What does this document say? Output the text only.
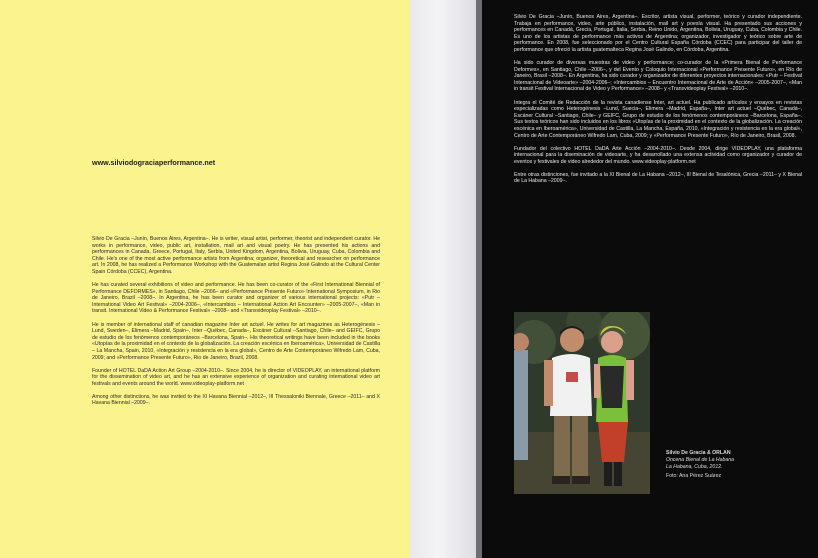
www.silviodograciaperformance.net

Silvio De Gracia –Junín, Buenos Aires, Argentina–. He is writer, visual artist, performer, theorist and independent curator. He works in performance, video, public art, installation, mail art and visual poetry. He has presented his actions and performances in Canada, Greece, Portugal, Italy, Serbia, United Kingdom, Argentina, Bolivia, Uruguay, Cuba, Colombia and Chile. He's one of the most active performance artists from Argentina; organizer, theoretical and researcher on performance art. In 2008, he has realized a Performance Workshop with the Guatemalan artist Regina José Galindo at the Cultural Center Spain Córdoba (CCEC), Argentina.

He has curated several exhibitions of video and performance. He has been co-curator of the «First International Biennial of Performance DEFORMES», in Santiago, Chile –2006– and «Performance Presente Futuro» International Symposium, in Rio de Janeiro, Brazil –2008–. In Argentina, he has been curator and organizer of various international projects: «Putr – International Video Art Festival» –2004-2006–, «Intercambios – International Action Art Encounter» –2005-2007–, «Man in transit. International Video & Performance Festival» –2008– and «Transvideoplay Festival» –2010–.

He is member of international staff of canadian magazine Inter art actuel. He writes for art magazines as Heterogénesis –Lund, Sweden–, Elimera –Madrid, Spain–, Inter –Québec, Canada–, Escáner Cultural –Santiago, Chile– and GEIFC, Grupo de estudio de los fenómenos contemporáneos –Barcelona, Spain–. His theoretical writings have been included in the books «Utopías de la proximidad en el contexto de la globalización. La creación escénica en Iberoamérica», Universidad de Castilla – La Mancha, Spain, 2010, «Integración y resistencia en la era global», Centro de Arte Contemporáneo Wifredo Lam, Cuba, 2009; and «Performance Presente Futuro», Rio de Janeiro, Brazil, 2008.

Founder of HOTEL DaDA Action Art Group –2004-2010–. Since 2004, he is director of VIDEOPLAY, an international platform for the dissemination of video art, and he has an extensive experience of organization and curating international video art festivals and events around the world. www.videoplay-platform.net

Among other distinctions, he was invited to the XI Havana Biennial –2012–, III Thessaloniki Biennale, Greece –2011– and X Havana Biennial –2009–.

Silvio De Gracia –Junín, Buenos Aires, Argentina–. Escritor, artista visual, performer, teórico y curador independiente. Trabaja en performance, video, arte público, instalación, mail art y poesía visual. Ha presentado sus acciones y performances en Canadá, Grecia, Portugal, Italia, Serbia, Reino Unido, Argentina, Bolivia, Uruguay, Cuba, Colombia y Chile. Es uno de los artistas de performance más activos de Argentina; organizador, investigador y teórico sobre arte de performance. En 2008, fue seleccionado por el Centro Cultural España Córdoba (CCEC) para participar del taller de performance que ofreció la artista guatemalteca Regina José Galindo, en Córdoba, Argentina.

Ha sido curador de diversas muestras de video y performance; co-curador de la «Primera Bienal de Performance Deformes», en Santiago, Chile –2006–, y del Evento y Coloquio Internacional «Performance Presente Futuro», en Río de Janeiro, Brasil –2008–. En Argentina, ha sido curador y organizador de diferentes proyectos internacionales: «Putr – Festival Internacional de Videoarte» –2004-2006–; «Intercambios – Encuentro Internacional de Arte de Acción» –2005-2007–, «Man in transit Festival Internacional de Video y Performance» –2008– y «Transvideoplay Festival» –2010–.

Integra el Comité de Redacción de la revista canadiense Inter, art actuel. Ha publicado artículos y ensayos en revistas especializadas como Heterogénesis –Lund, Suecia–, Elimera –Madrid, España–, Inter art actuel –Québec, Canadá–, Escáner Cultural –Santiago, Chile– y GEIFC, Grupo de estudio de los fenómenos contemporáneos –Barcelona, España–. Sus textos teóricos han sido incluidos en los libros «Utopías de la proximidad en el contexto de la globalización. La creación escénica en Iberoamérica», Universidad de Castilla, La Mancha, España, 2010, «Integración y resistencia en la era global», Centro de Arte Contemporáneo Wifredo Lam, Cuba, 2009; y «Performance Presente Futuro», Río de Janeiro, Brasil, 2008.

Fundador del colectivo HOTEL DaDA Arte Acción –2004-2010–. Desde 2004, dirige VIDEOPLAY, una plataforma internacional para la diseminación de videoarte, y ha desarrollado una extensa actividad como organizador y curador de eventos y festivales de video alrededor del mundo. www.videoplay-platform.net

Entre otras distinciones, fue invitado a la XI Bienal de La Habana –2012–, III Bienal de Tesalónica, Grecia –2011– y X Bienal de La Habana –2009–.

Silvio De Gracia & ORLAN
Oncena Bienal de La Habana
La Habana, Cuba, 2012.
Foto: Ana Pérez Suárez
